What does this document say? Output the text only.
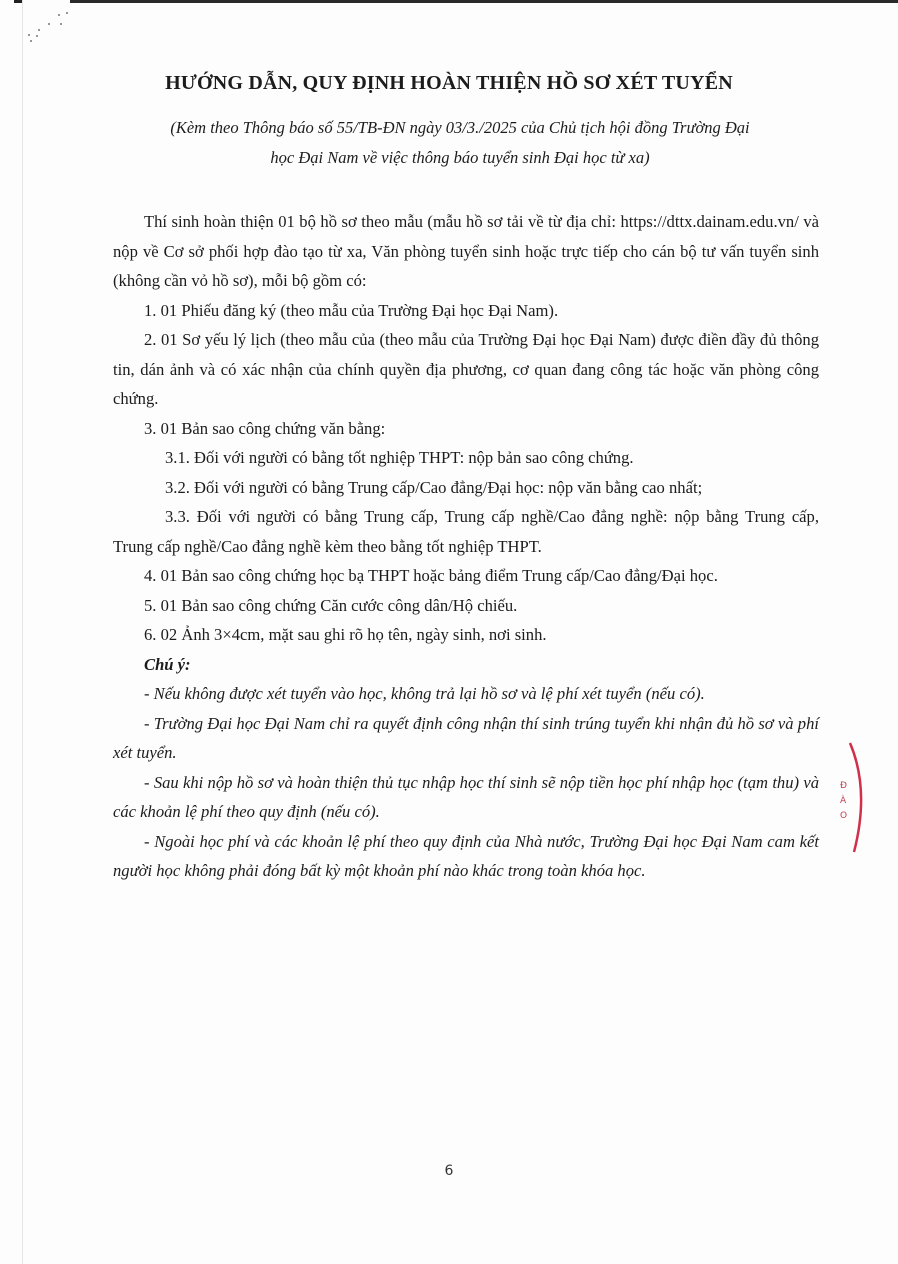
HƯỚNG DẪN, QUY ĐỊNH HOÀN THIỆN HỒ SƠ XÉT TUYỂN
(Kèm theo Thông báo số 55/TB-ĐN ngày 03/3./2025 của Chủ tịch hội đồng Trường Đại
học Đại Nam về việc thông báo tuyển sinh Đại học từ xa)

Thí sinh hoàn thiện 01 bộ hồ sơ theo mẫu (mẫu hồ sơ tải về từ địa chỉ: https://dttx.dainam.edu.vn/ và nộp về Cơ sở phối hợp đào tạo từ xa, Văn phòng tuyển sinh hoặc trực tiếp cho cán bộ tư vấn tuyển sinh (không cần vỏ hồ sơ), mỗi bộ gồm có:

1. 01 Phiếu đăng ký (theo mẫu của Trường Đại học Đại Nam).

2. 01 Sơ yếu lý lịch (theo mẫu của (theo mẫu của Trường Đại học Đại Nam) được điền đầy đủ thông tin, dán ảnh và có xác nhận của chính quyền địa phương, cơ quan đang công tác hoặc văn phòng công chứng.

3. 01 Bản sao công chứng văn bằng:

3.1. Đối với người có bằng tốt nghiệp THPT: nộp bản sao công chứng.

3.2. Đối với người có bằng Trung cấp/Cao đẳng/Đại học: nộp văn bằng cao nhất;

3.3. Đối với người có bằng Trung cấp, Trung cấp nghề/Cao đẳng nghề: nộp bằng Trung cấp, Trung cấp nghề/Cao đẳng nghề kèm theo bằng tốt nghiệp THPT.

4. 01 Bản sao công chứng học bạ THPT hoặc bảng điểm Trung cấp/Cao đẳng/Đại học.

5. 01 Bản sao công chứng Căn cước công dân/Hộ chiếu.

6. 02 Ảnh 3×4cm, mặt sau ghi rõ họ tên, ngày sinh, nơi sinh.

Chú ý:

- Nếu không được xét tuyển vào học, không trả lại hồ sơ và lệ phí xét tuyển (nếu có).

- Trường Đại học Đại Nam chỉ ra quyết định công nhận thí sinh trúng tuyển khi nhận đủ hồ sơ và phí xét tuyển.

- Sau khi nộp hồ sơ và hoàn thiện thủ tục nhập học thí sinh sẽ nộp tiền học phí nhập học (tạm thu) và các khoản lệ phí theo quy định (nếu có).

- Ngoài học phí và các khoản lệ phí theo quy định của Nhà nước, Trường Đại học Đại Nam cam kết người học không phải đóng bất kỳ một khoản phí nào khác trong toàn khóa học.

Đ
À
O
6
